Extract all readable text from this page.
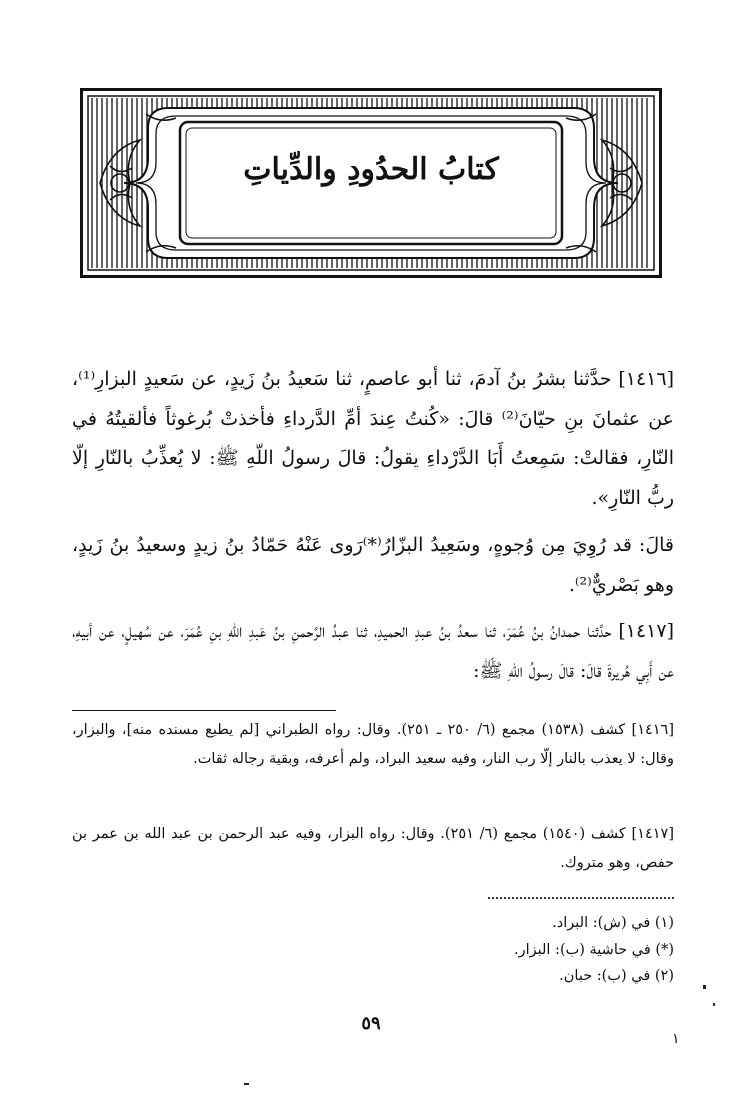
كتابُ الحدُودِ والدِّياتِ

[١٤١٦] حدَّثنا بشرُ بنُ آدمَ، ثنا أبو عاصمٍ، ثنا سَعيدُ بنُ زَيدٍ، عن سَعيدٍ البزارِ⁽¹⁾، عن عثمانَ بنِ حيّانَ⁽²⁾ قالَ: «كُنتُ عِندَ أمِّ الدَّرداءِ فأخذتْ بُرغوثاً فألقيتُهُ في النّارِ، فقالتْ: سَمِعتُ أَبَا الدَّرْداءِ يقولُ: قالَ رسولُ اللّهِ ﷺ: لا يُعذِّبُ بالنّارِ إلّا ربُّ النّارِ».

قالَ: قد رُوِيَ مِن وُجوهٍ، وسَعِيدُ البزّارُ⁽*⁾رَوى عَنْهُ حَمّادُ بنُ زيدٍ وسعيدُ بنُ زَيدٍ، وهو بَصْريٌّ⁽²⁾.

[١٤١٧] حدَّثنا حمدانُ بنُ عُمَرَ، ثنا سعدُ بنُ عبدِ الحميدِ، ثنا عبدُ الرَّحمنِ بنُ عَبدِ اللّهِ بنِ عُمَرَ، عن سُهيلٍ، عن أبيهِ، عن أَبِي هُريرةَ قالَ: قالَ رسولُ اللّهِ ﷺ:

[١٤١٦] كشف (١٥٣٨) مجمع (٦/ ٢٥٠ ـ ٢٥١). وقال: رواه الطبراني [لم يطبع مسنده منه]، والبزار، وقال: لا يعذب بالنار إلّا رب النار، وفيه سعيد البراد، ولم أعرفه، وبقية رجاله ثقات.

[١٤١٧] كشف (١٥٤٠) مجمع (٦/ ٢٥١). وقال: رواه البزار، وفيه عبد الرحمن بن عبد الله بن عمر بن حفص، وهو متروك.

(١) في (ش): البراد.
(*) في حاشية (ب): البزار.
(٢) في (ب): حبان.
٥٩
١
